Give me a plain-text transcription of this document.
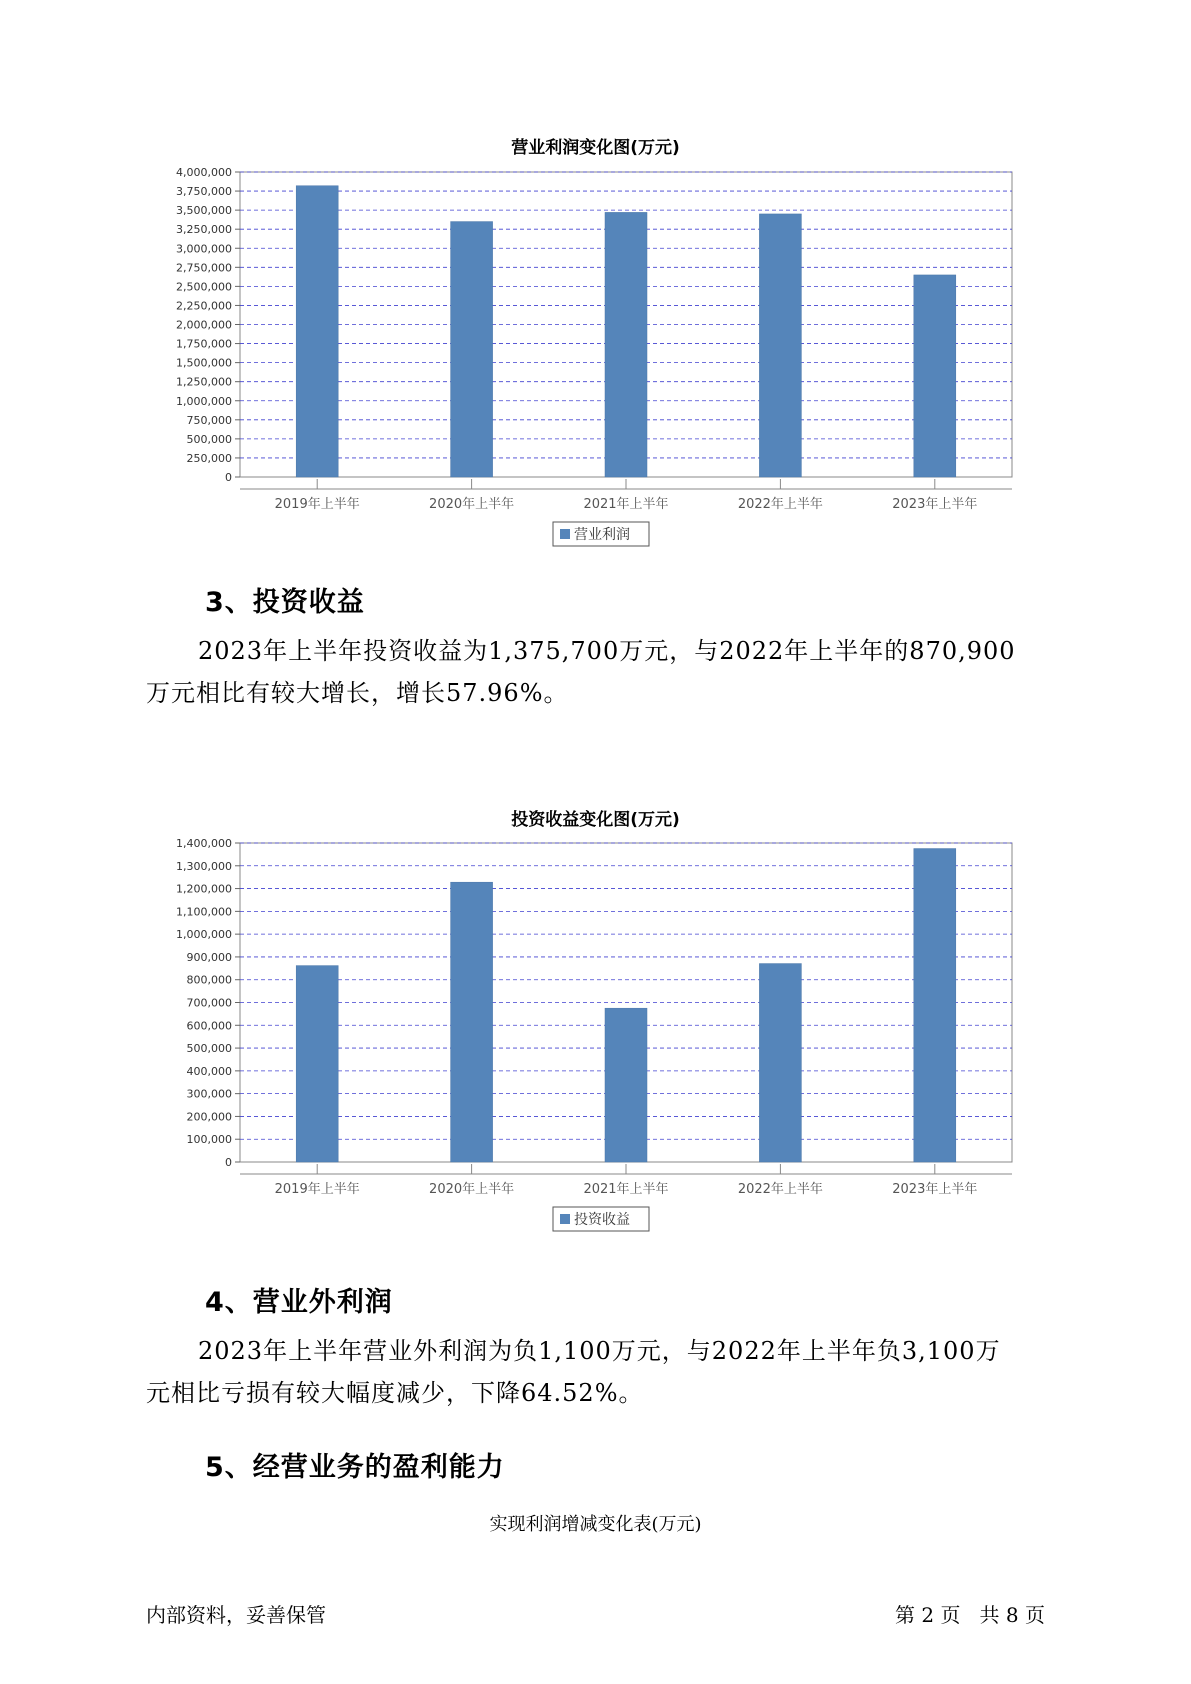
营业利润变化图(万元)
0
250,000
500,000
750,000
1,000,000
1,250,000
1,500,000
1,750,000
2,000,000
2,250,000
2,500,000
2,750,000
3,000,000
3,250,000
3,500,000
3,750,000
4,000,000
2019年上半年	2020年上半年	2021年上半年	2022年上半年	2023年上半年
营业利润
3、投资收益
2023年上半年投资收益为1,375,700万元，与2022年上半年的870,900
万元相比有较大增长，增长57.96%。
投资收益变化图(万元)
0
100,000
200,000
300,000
400,000
500,000
600,000
700,000
800,000
900,000
1,000,000
1,100,000
1,200,000
1,300,000
1,400,000
2019年上半年	2020年上半年	2021年上半年	2022年上半年	2023年上半年
投资收益
4、营业外利润
2023年上半年营业外利润为负1,100万元，与2022年上半年负3,100万
元相比亏损有较大幅度减少，下降64.52%。
5、经营业务的盈利能力
实现利润增减变化表(万元)
内部资料，妥善保管	第 2 页 共 8 页
